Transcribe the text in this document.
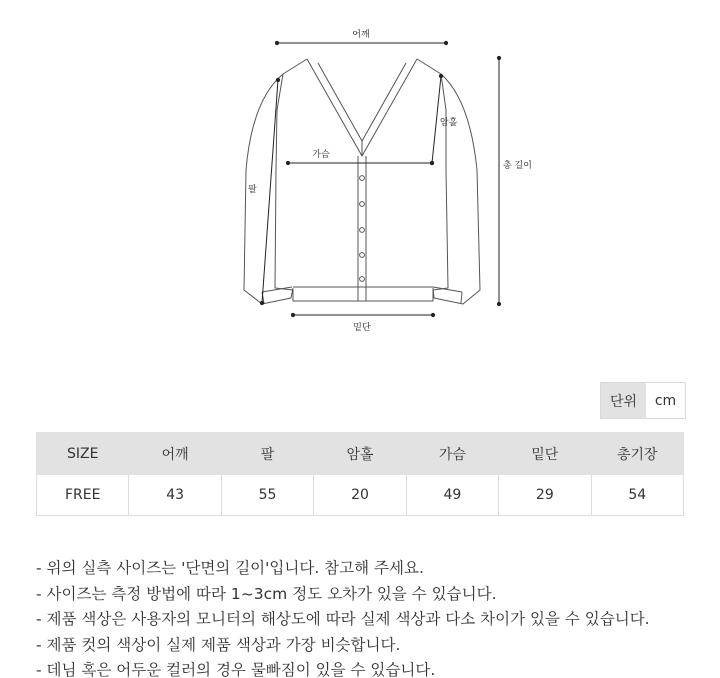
어깨
암홀
가슴
총 길이
팔
밑단
단위	cm
SIZE	어깨	팔	암홀	가슴	밑단	총기장
FREE	43	55	20	49	29	54

- 위의 실측 사이즈는 '단면의 길이'입니다. 참고해 주세요.

- 사이즈는 측정 방법에 따라 1~3cm 정도 오차가 있을 수 있습니다.

- 제품 색상은 사용자의 모니터의 해상도에 따라 실제 색상과 다소 차이가 있을 수 있습니다.

- 제품 컷의 색상이 실제 제품 색상과 가장 비슷합니다.

- 데님 혹은 어두운 컬러의 경우 물빠짐이 있을 수 있습니다.
